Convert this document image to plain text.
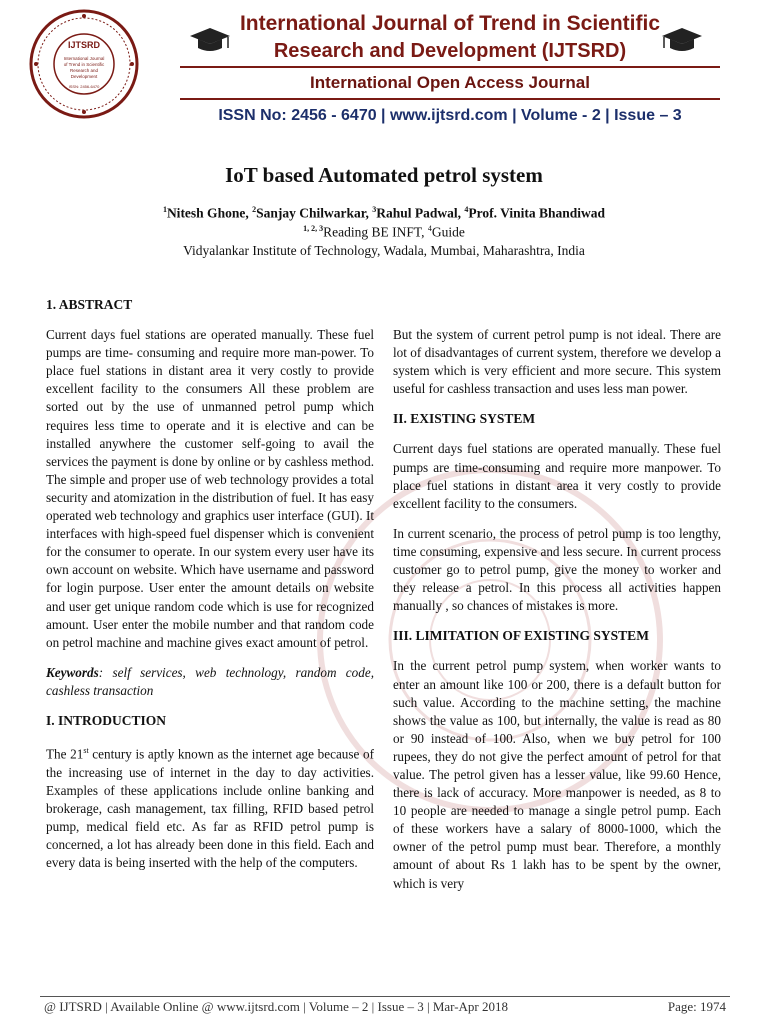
IJTSRD
International Journal
of Trend in Scientific
Research and
Development
ISSN: 2456-6470
International Journal of Trend in Scientific
Research and Development (IJTSRD)
International Open Access Journal
ISSN No: 2456 - 6470 | www.ijtsrd.com | Volume - 2 | Issue – 3
IoT based Automated petrol system
$^1$Nitesh Ghone, $^2$Sanjay Chilwarkar, $^3$Rahul Padwal, $^4$Prof. Vinita Bhandiwad
$^{1, 2, 3}$Reading BE INFT, $^4$Guide
Vidyalankar Institute of Technology, Wadala, Mumbai, Maharashtra, India
1. ABSTRACT

Current days fuel stations are operated manually. These fuel pumps are time- consuming and require more man-power. To place fuel stations in distant area it very costly to provide excellent facility to the consumers All these problem are sorted out by the use of unmanned petrol pump which requires less time to operate and it is elective and can be installed anywhere the customer self-going to avail the services the payment is done by online or by cashless method. The simple and proper use of web technology provides a total security and atomization in the distribution of fuel. It has easy operated web technology and graphics user interface (GUI). It interfaces with high-speed fuel dispenser which is convenient for the consumer to operate. In our system every user have its own account on website. Which have username and password for login purpose. User enter the amount details on website and user get unique random code which is use for recognized amount. User enter the mobile number and that random code on petrol machine and machine gives exact amount of petrol.

Keywords: self services, web technology, random code, cashless transaction

I. INTRODUCTION

The 21st century is aptly known as the internet age because of the increasing use of internet in the day to day activities. Examples of these applications include online banking and brokerage, cash management, tax filling, RFID based petrol pump, medical field etc. As far as RFID petrol pump is concerned, a lot has already been done in this field. Each and every data is being inserted with the help of the computers.

But the system of current petrol pump is not ideal. There are lot of disadvantages of current system, therefore we develop a system which is very efficient and more secure. This system useful for cashless transaction and uses less man power.

II. EXISTING SYSTEM

Current days fuel stations are operated manually. These fuel pumps are time-consuming and require more manpower. To place fuel stations in distant area it very costly to provide excellent facility to the consumers.

In current scenario, the process of petrol pump is too lengthy, time consuming, expensive and less secure. In current process customer go to petrol pump, give the money to worker and they release a petrol. In this process all activities happen manually , so chances of mistakes is more.

III. LIMITATION OF EXISTING SYSTEM

In the current petrol pump system, when worker wants to enter an amount like 100 or 200, there is a default button for such value. According to the machine setting, the machine shows the value as 100, but internally, the value is read as 80 or 90 instead of 100. Also, when we buy petrol for 100 rupees, they do not give the perfect amount of petrol for that value. The petrol given has a lesser value, like 99.60 Hence, there is lack of accuracy. More manpower is needed, as 8 to 10 people are needed to manage a single petrol pump. Each of these workers have a salary of 8000-1000, which the owner of the petrol pump must bear. Therefore, a monthly amount of about Rs 1 lakh has to be spent by the owner, which is very

@ IJTSRD | Available Online @ www.ijtsrd.com | Volume – 2 | Issue – 3 | Mar-Apr 2018	Page: 1974
